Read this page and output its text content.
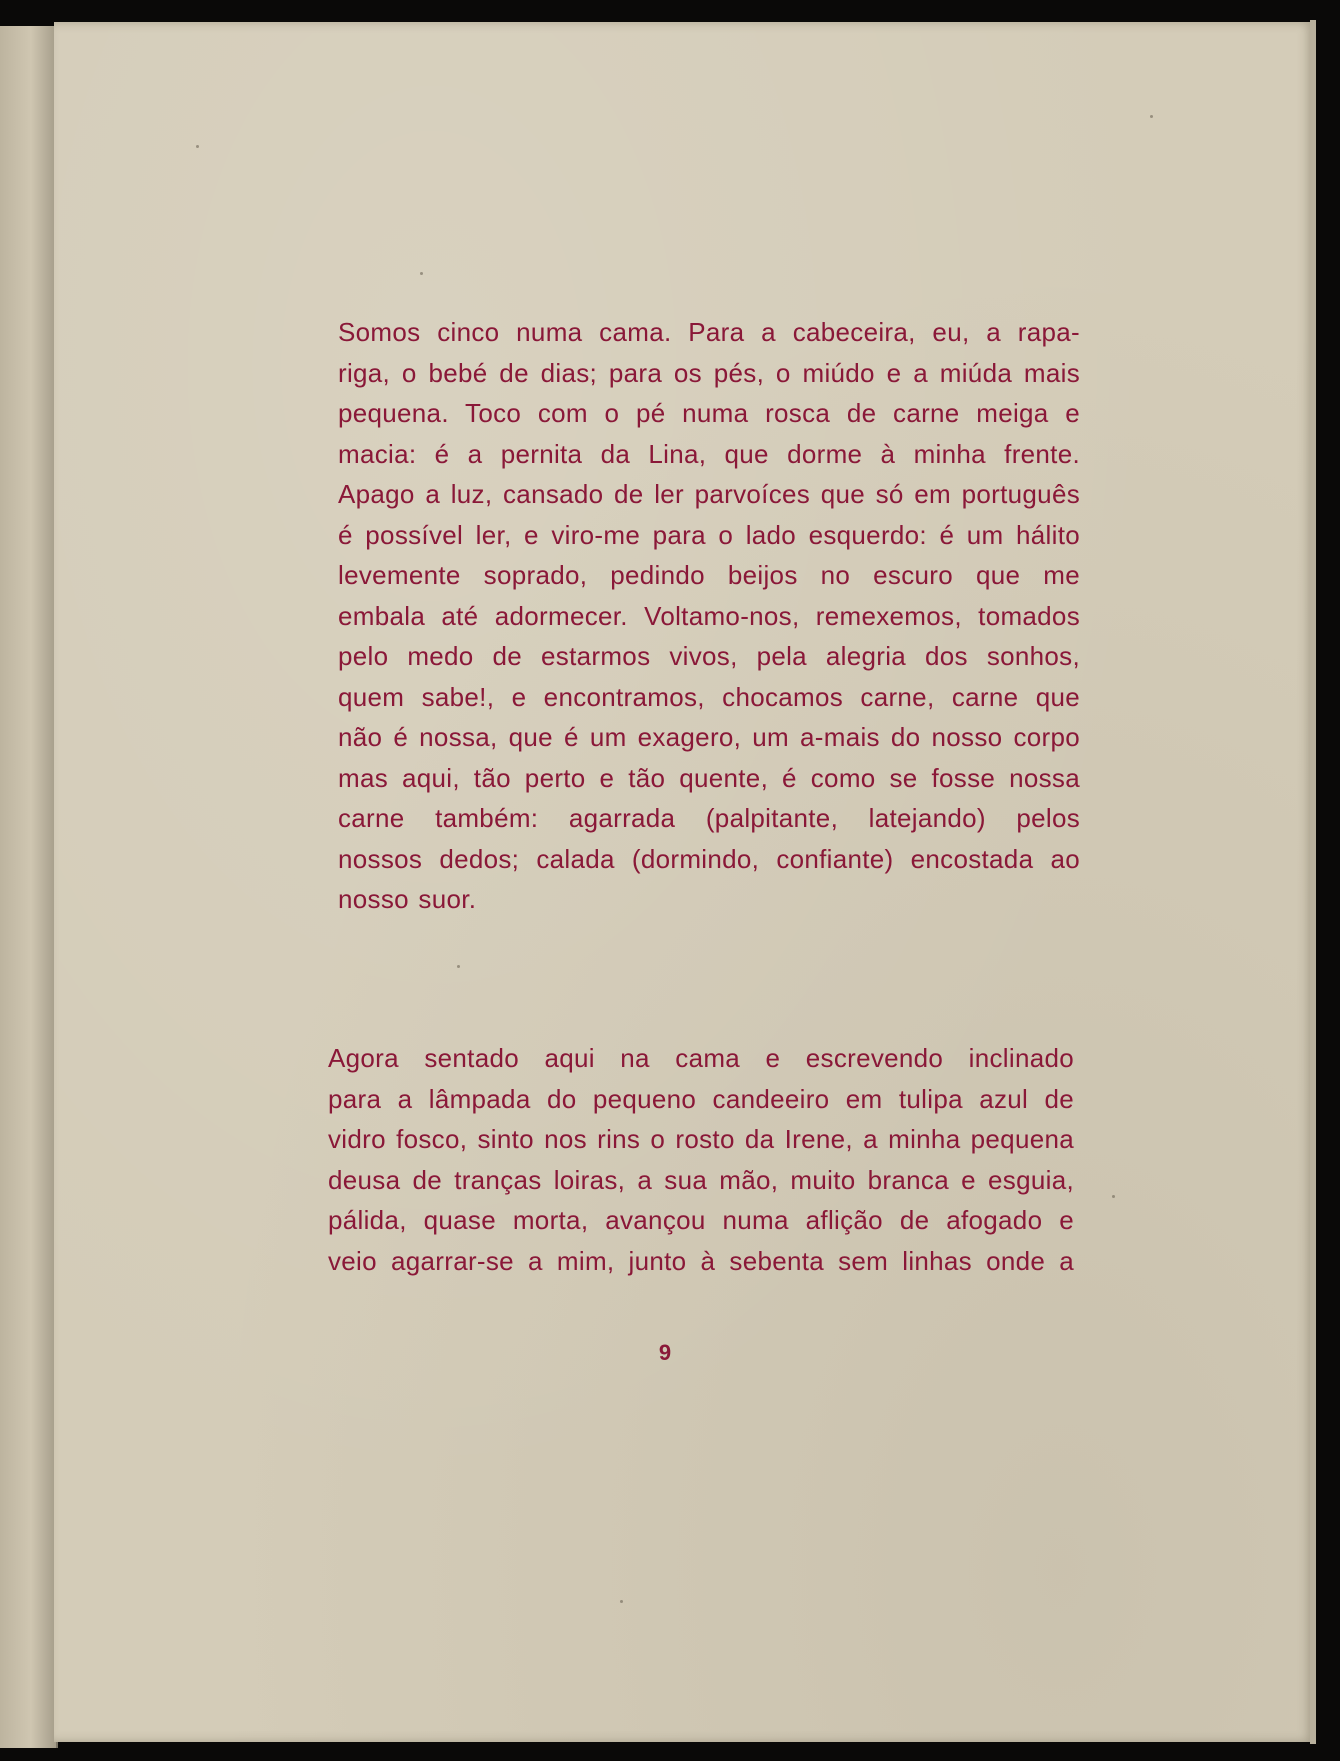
Somos cinco numa cama. Para a cabeceira, eu, a rapa-
riga, o bebé de dias; para os pés, o miúdo e a miúda mais
pequena. Toco com o pé numa rosca de carne meiga e
macia: é a pernita da Lina, que dorme à minha frente.
Apago a luz, cansado de ler parvoíces que só em português
é possível ler, e viro-me para o lado esquerdo: é um hálito
levemente soprado, pedindo beijos no escuro que me
embala até adormecer. Voltamo-nos, remexemos, tomados
pelo medo de estarmos vivos, pela alegria dos sonhos,
quem sabe!, e encontramos, chocamos carne, carne que
não é nossa, que é um exagero, um a-mais do nosso corpo
mas aqui, tão perto e tão quente, é como se fosse nossa
carne também: agarrada (palpitante, latejando) pelos
nossos dedos; calada (dormindo, confiante) encostada ao
nosso suor.
Agora sentado aqui na cama e escrevendo inclinado
para a lâmpada do pequeno candeeiro em tulipa azul de
vidro fosco, sinto nos rins o rosto da Irene, a minha pequena
deusa de tranças loiras, a sua mão, muito branca e esguia,
pálida, quase morta, avançou numa aflição de afogado e
veio agarrar-se a mim, junto à sebenta sem linhas onde a
9
